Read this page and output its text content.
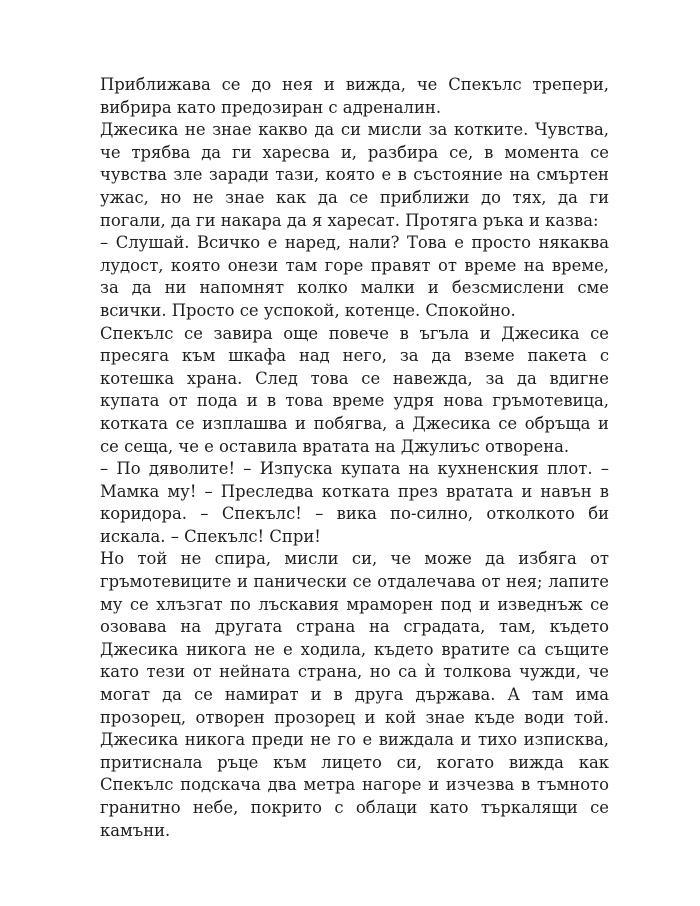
Приближава се до нея и вижда, че Спекълс трепери, вибрира като предозиран с адреналин.

Джесика не знае какво да си мисли за котките. Чувства, че трябва да ги харесва и, разбира се, в момента се чувства зле заради тази, която е в състояние на смъртен ужас, но не знае как да се приближи до тях, да ги погали, да ги накара да я харесат. Протяга ръка и казва:

– Слушай. Всичко е наред, нали? Това е просто някаква лудост, която онези там горе правят от време на време, за да ни напомнят колко малки и безсмислени сме всички. Просто се успокой, котенце. Спокойно.

Спекълс се завира още повече в ъгъла и Джесика се пресяга към шкафа над него, за да вземе пакета с котешка храна. След това се навежда, за да вдигне купата от пода и в това време удря нова гръмотевица, котката се изплашва и побягва, а Джесика се обръща и се сеща, че е оставила вратата на Джулиъс отворена.

– По дяволите! – Изпуска купата на кухненския плот. – Мамка му! – Преследва котката през вратата и навън в коридора. – Спекълс! – вика по-силно, отколкото би искала. – Спекълс! Спри!

Но той не спира, мисли си, че може да избяга от гръмотевиците и панически се отдалечава от нея; лапите му се хлъзгат по лъскавия мраморен под и изведнъж се озовава на другата страна на сградата, там, където Джесика никога не е ходила, където вратите са същите като тези от нейната страна, но са ѝ толкова чужди, че могат да се намират и в друга държава. А там има прозорец, отворен прозорец и кой знае къде води той. Джесика никога преди не го е виждала и тихо изписква, притиснала ръце към лицето си, когато вижда как Спекълс подскача два метра нагоре и изчезва в тъмното гранитно небе, покрито с облаци като търкалящи се камъни.
